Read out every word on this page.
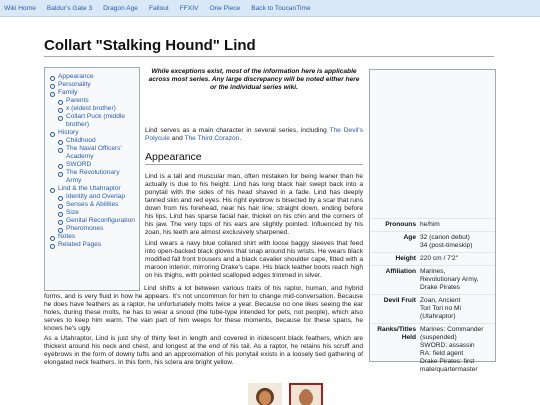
Wiki Home Baldur's Gate 3 Dragon Age Fallout FFXIV One Piece Back to ToucanTime
Collart "Stalking Hound" Lind
Appearance
Personality
Family
Parents
x (eldest brother)
Collart Puck (middle brother)
History
Childhood
The Naval Officers' Academy
SWORD
The Revolutionary Army
Lind & the Utahraptor
Identity and Overlap
Senses & Abilities
Size
Genital Reconfiguration
Pheromones
Notes
Related Pages
While exceptions exist, most of the information here is applicable across most series. Any large discrepancy will be noted either here or the individual series wiki.
Lind serves as a main character in several series, including The Devil's Polycule and The Third Corazon.
Appearance

Lind is a tall and muscular man, often mistaken for being leaner than he actually is due to his height. Lind has long black hair swept back into a ponytail with the sides of his head shaved in a fade. Lind has deeply tanned skin and red eyes. His right eyebrow is bisected by a scar that runs down from his forehead, near his hair line, straight down, ending before his lips. Lind has sparse facial hair, thicket on his chin and the corners of his jaw. The very tops of his ears are slightly pointed. Influenced by his zoan, his teeth are almost exclusively sharpened.

Lind wears a navy blue collared shirt with loose baggy sleeves that feed into open-backed black gloves that snap around his wrists. He wears black modified fall front trousers and a black cavalier shoulder cape, fitted with a maroon interior, mirroring Drake's cape. His black leather boots reach high on his thighs, with pointed scalloped edges trimmed in silver.

Lind shifts a lot between various traits of his raptor, human, and hybrid forms, and is very fluid in how he appears. It's not uncommon for him to change mid-conversation. Because he does have feathers as a raptor, he unfortunately molts twice a year. Because no one likes seeing the ear holes, during these molts, he has to wear a snood (the tube-type intended for pets, not people), which also serves to keep him warm. The vain part of him weeps for these moments, because for these spans, he knows he's ugly.

As a Utahraptor, Lind is just shy of thirty feet in length and covered in iridescent black feathers, which are thickest around his neck and chest, and longest at the end of his tail. As a raptor, he retains his scruff and eyebrows in the form of downy tufts and an approximation of his ponytail exists in a loosely tied gathering of elongated neck feathers. In this form, his sclera are bright yellow.

Pronouns he/him
Age 32 (canon debut)
34 (post-timeskip)
Height 220 cm / 7'2"
Affiliation Marines,
Revolutionary Army,
Drake Pirates
Devil Fruit Zoan, Ancient
Tori Tori no Mi
(Utahraptor)
Ranks/Titles Held
Marines: Commander
(suspended)
SWORD: assassin
RA: field agent
Drake Pirates: first
mate/quartermaster
